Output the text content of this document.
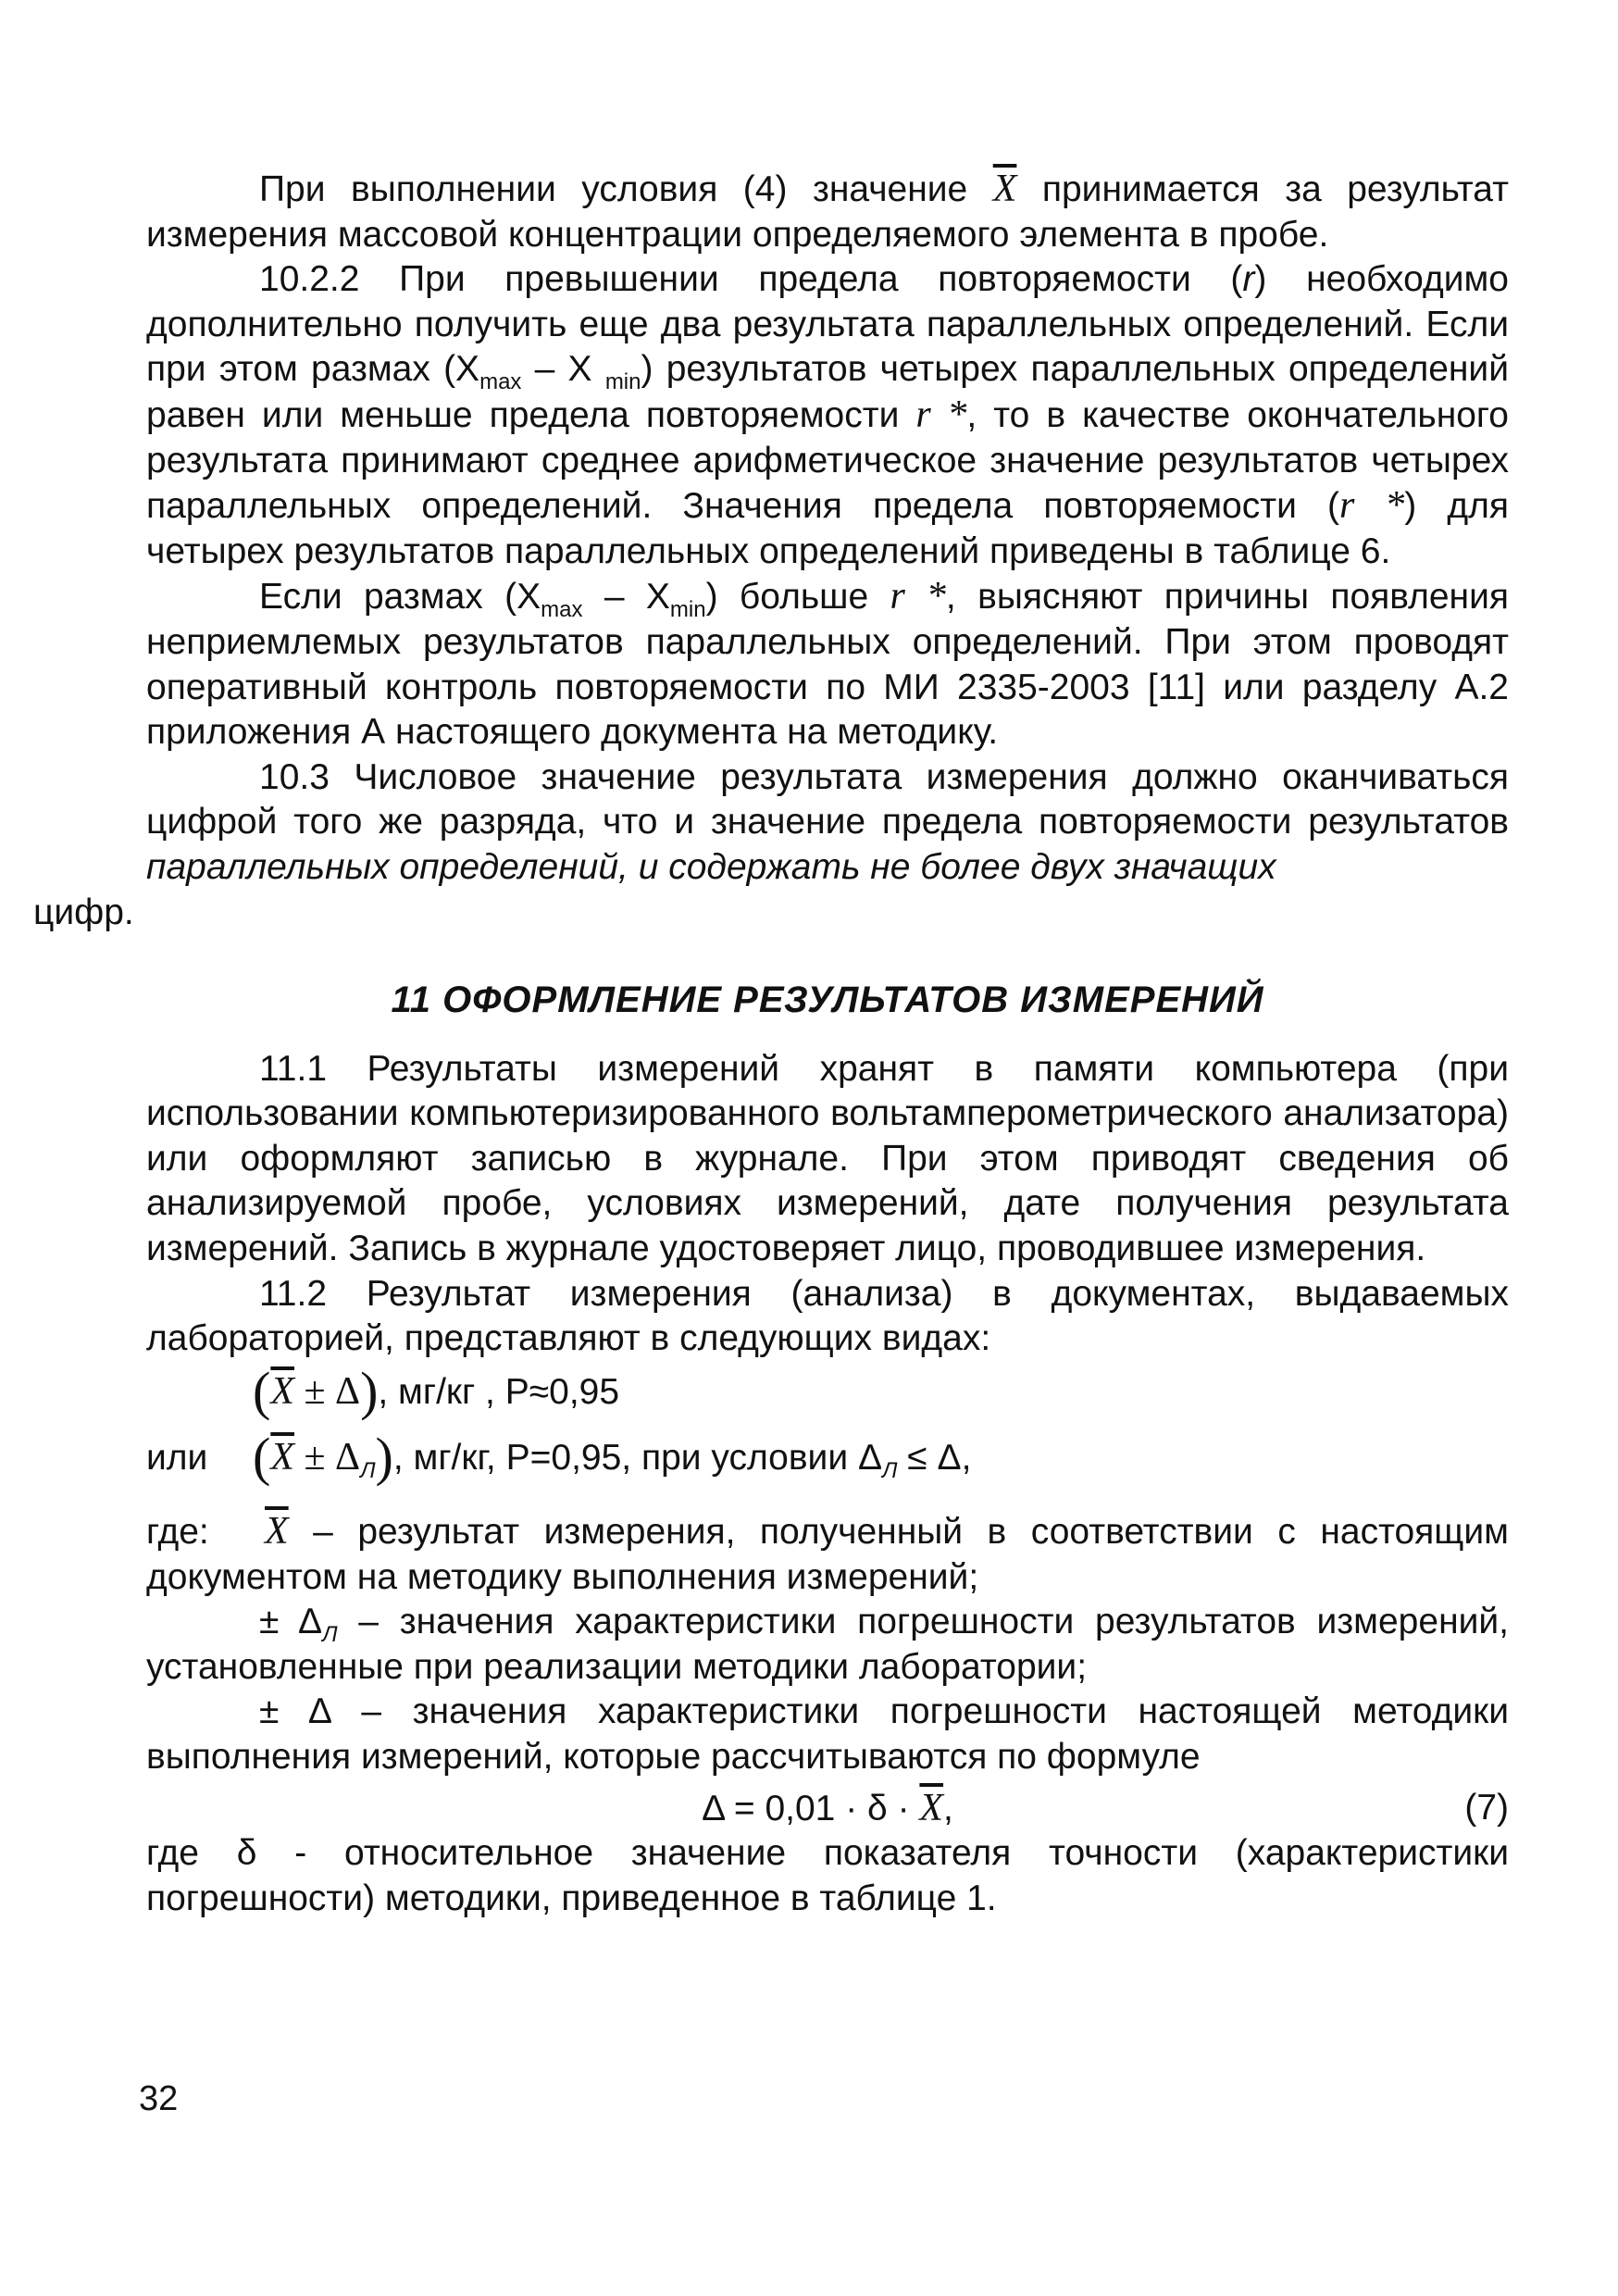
При выполнении условия (4) значение $\overline{X}$ принимается за результат измерения массовой концентрации определяемого элемента в пробе.

10.2.2 При превышении предела повторяемости (r) необходимо дополнительно получить еще два результата параллельных определений. Если при этом размах ($X_{max}$ – X $_{min}$) результатов четырех параллельных определений равен или меньше предела повторяемости r *, то в качестве окончательного результата принимают среднее арифметическое значение результатов четырех параллельных определений. Значения предела повторяемости (r *) для четырех результатов параллельных определений приведены в таблице 6.

Если размах $(X_{max} - X_{min})$ больше r *, выясняют причины появления неприемлемых результатов параллельных определений. При этом проводят оперативный контроль повторяемости по МИ 2335-2003 [11] или разделу А.2 приложения А настоящего документа на методику.

10.3 Числовое значение результата измерения должно оканчиваться цифрой того же разряда, что и значение предела повторяемости результатов параллельных определений, и содержать не более двух значащих
цифр.

11 ОФОРМЛЕНИЕ РЕЗУЛЬТАТОВ ИЗМЕРЕНИЙ

11.1 Результаты измерений хранят в памяти компьютера (при использовании компьютеризированного вольтамперометрического анализатора) или оформляют записью в журнале. При этом приводят сведения об анализируемой пробе, условиях измерений, дате получения результата измерений. Запись в журнале удостоверяет лицо, проводившее измерения.

11.2 Результат измерения (анализа) в документах, выдаваемых лабораторией, представляют в следующих видах:

$(\overline{X} \pm \Delta)$, мг/кг , Р≈0,95
или $(\overline{X} \pm \Delta_Л)$, мг/кг, Р=0,95, при условии $\Delta_Л \le \Delta$,

где: $\overline{X}$ – результат измерения, полученный в соответствии с настоящим документом на методику выполнения измерений;

± $\Delta_Л$ – значения характеристики погрешности результатов измерений, установленные при реализации методики лаборатории;

± Δ – значения характеристики погрешности настоящей методики выполнения измерений, которые рассчитываются по формуле

$\Delta = 0,01 \cdot \delta \cdot \overline{X}$,	(7)

где δ - относительное значение показателя точности (характеристики погрешности) методики, приведенное в таблице 1.

32
